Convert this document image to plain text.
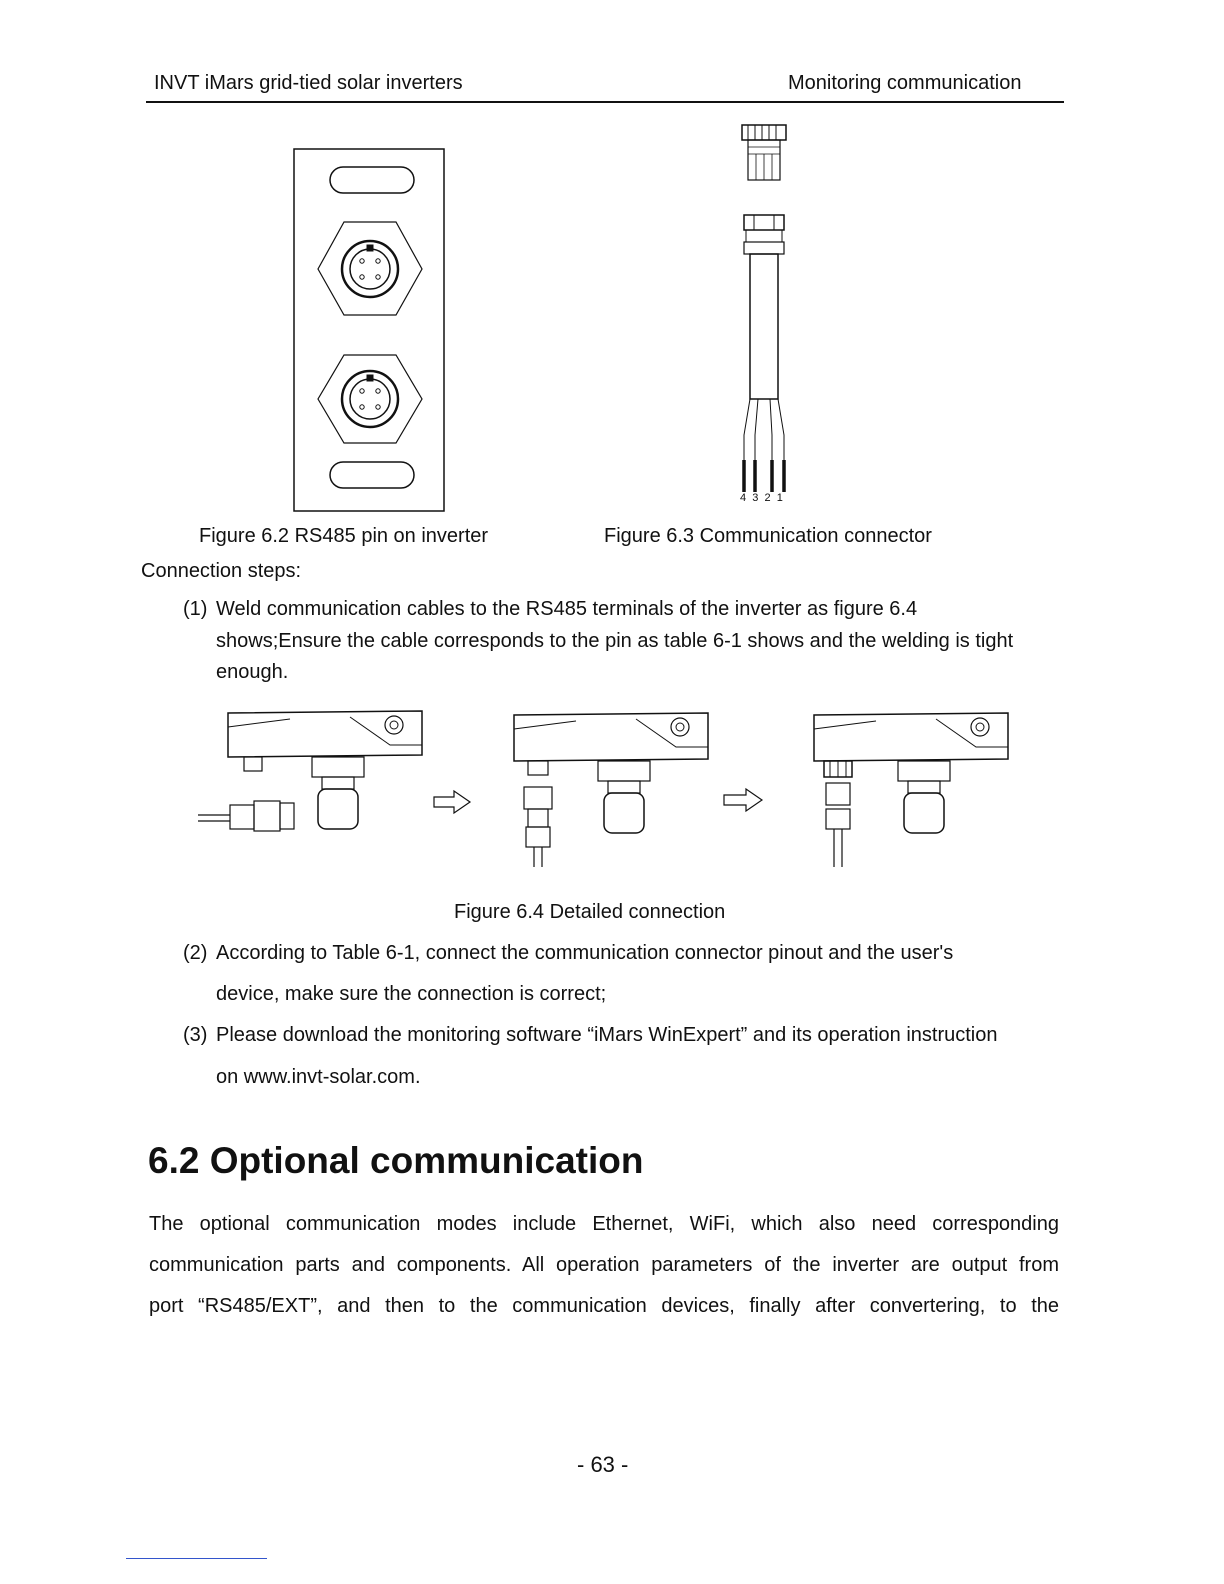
INVT iMars grid-tied solar inverters	Monitoring communication
4 3 2 1
Figure 6.2 RS485 pin on inverter	Figure 6.3 Communication connector
Connection steps:
(1) Weld communication cables to the RS485 terminals of the inverter as figure 6.4
shows;Ensure the cable corresponds to the pin as table 6-1 shows and the welding is tight
enough.
Figure 6.4 Detailed connection
(2) According to Table 6-1, connect the communication connector pinout and the user's
device, make sure the connection is correct;
(3) Please download the monitoring software “iMars WinExpert” and its operation instruction
on www.invt-solar.com.
6.2 Optional communication
The optional communication modes include Ethernet, WiFi, which also need corresponding
communication parts and components. All operation parameters of the inverter are output from
port “RS485/EXT”, and then to the communication devices, finally after convertering, to the
- 63 -
